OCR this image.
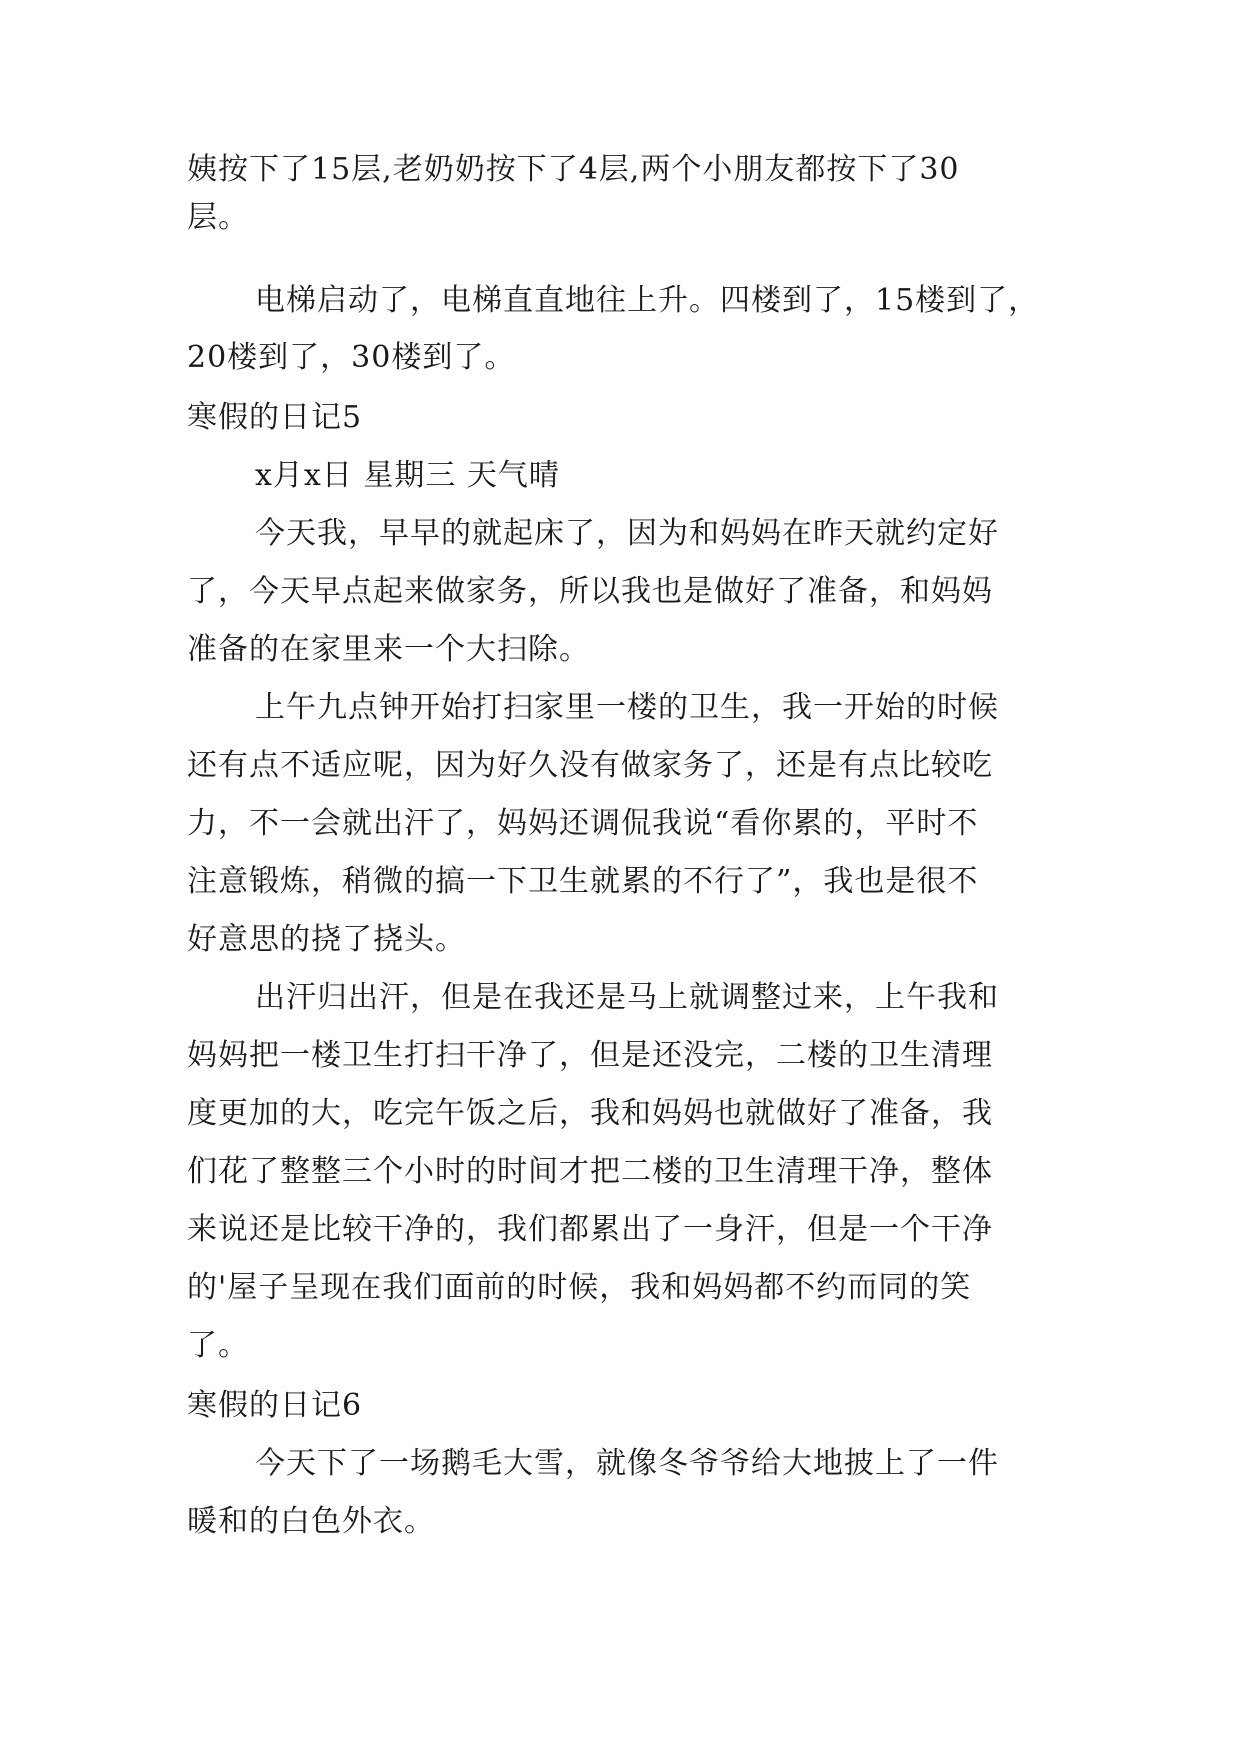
姨按下了15层,老奶奶按下了4层,两个小朋友都按下了30
层。
电梯启动了，电梯直直地往上升。四楼到了，15楼到了，
20楼到了，30楼到了。
寒假的日记5
x月x日 星期三 天气晴
今天我，早早的就起床了，因为和妈妈在昨天就约定好
了，今天早点起来做家务，所以我也是做好了准备，和妈妈
准备的在家里来一个大扫除。
上午九点钟开始打扫家里一楼的卫生，我一开始的时候
还有点不适应呢，因为好久没有做家务了，还是有点比较吃
力，不一会就出汗了，妈妈还调侃我说“看你累的，平时不
注意锻炼，稍微的搞一下卫生就累的不行了”，我也是很不
好意思的挠了挠头。
出汗归出汗，但是在我还是马上就调整过来，上午我和
妈妈把一楼卫生打扫干净了，但是还没完，二楼的卫生清理
度更加的大，吃完午饭之后，我和妈妈也就做好了准备，我
们花了整整三个小时的时间才把二楼的卫生清理干净，整体
来说还是比较干净的，我们都累出了一身汗，但是一个干净
的'屋子呈现在我们面前的时候，我和妈妈都不约而同的笑
了。
寒假的日记6
今天下了一场鹅毛大雪，就像冬爷爷给大地披上了一件
暖和的白色外衣。
